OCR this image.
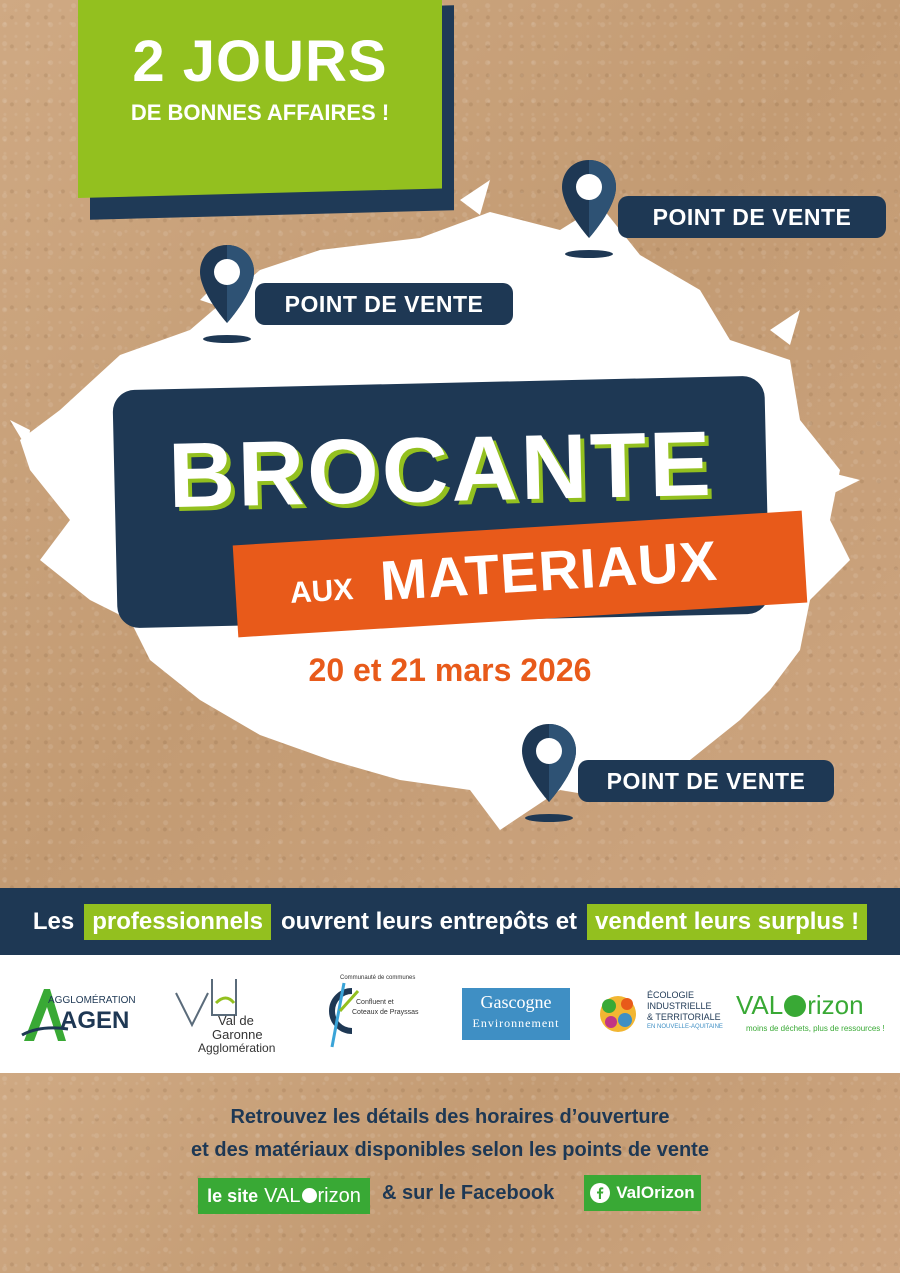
2 JOURS
DE BONNES AFFAIRES !
POINT DE VENTE
POINT DE VENTE
BROCANTE
AUX MATERIAUX
20 et 21 mars 2026
POINT DE VENTE
Les professionnels ouvrent leurs entrepôts et vendent leurs surplus !
AGGLOMÉRATION
AGEN	Val de
Garonne
Agglomération
Communauté de communes
Confluent et
Coteaux de Prayssas
Gascogne
Environnement
ÉCOLOGIE
INDUSTRIELLE
& TERRITORIALE
EN NOUVELLE-AQUITAINE
VAL rizon
moins de déchets, plus de ressources !
Retrouvez les détails des horaires d’ouverture
et des matériaux disponibles selon les points de vente
le site VAL rizon & sur le Facebook	ValOrizon
